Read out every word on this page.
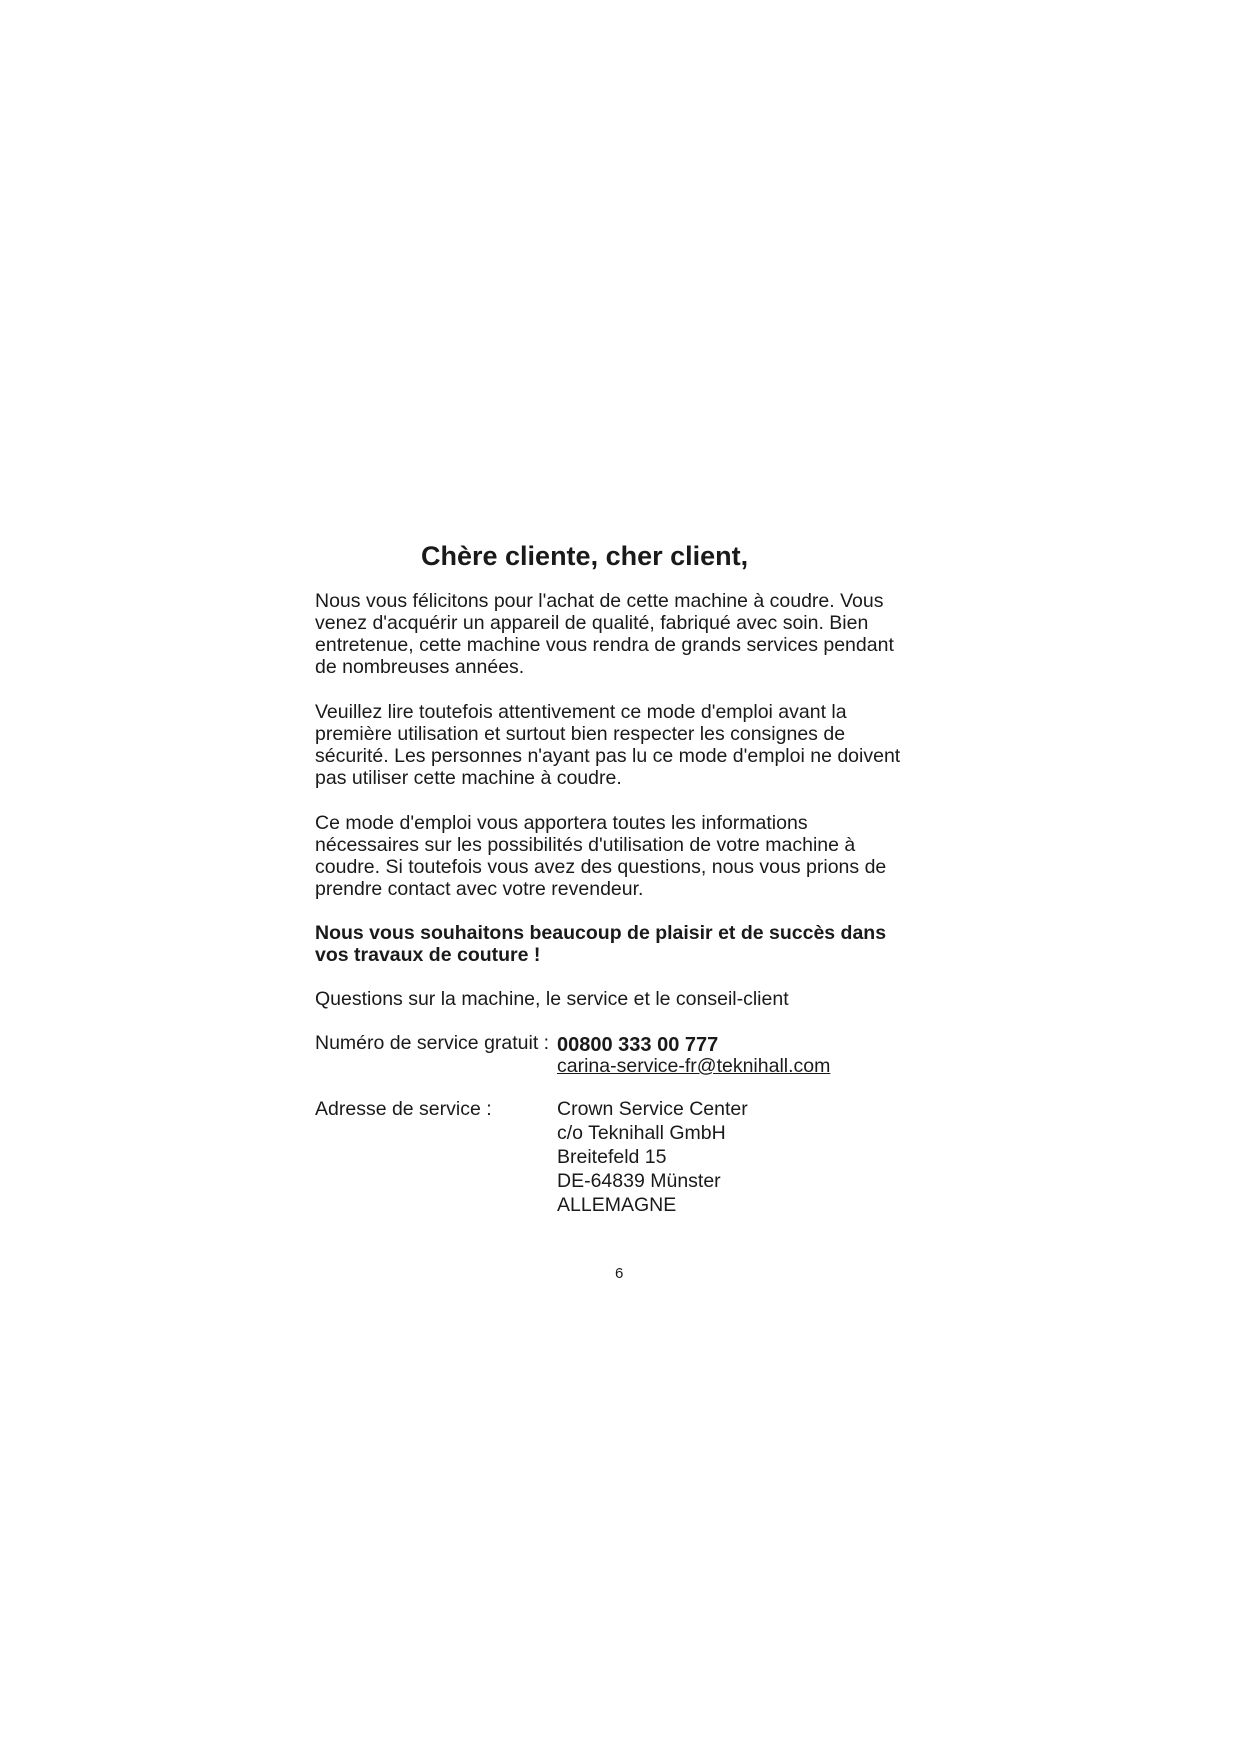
Chère cliente, cher client,

Nous vous félicitons pour l'achat de cette machine à coudre. Vous venez d'acquérir un appareil de qualité, fabriqué avec soin. Bien entretenue, cette machine vous rendra de grands services pendant de nombreuses années.

Veuillez lire toutefois attentivement ce mode d'emploi avant la première utilisation et surtout bien respecter les consignes de sécurité. Les personnes n'ayant pas lu ce mode d'emploi ne doivent pas utiliser cette machine à coudre.

Ce mode d'emploi vous apportera toutes les informations nécessaires sur les possibilités d'utilisation de votre machine à coudre. Si toutefois vous avez des questions, nous vous prions de prendre contact avec votre revendeur.

Nous vous souhaitons beaucoup de plaisir et de succès dans vos travaux de couture !

Questions sur la machine, le service et le conseil-client

Numéro de service gratuit : 00800 333 00 777
carina-service-fr@teknihall.com
Adresse de service :	Crown Service Center
c/o Teknihall GmbH
Breitefeld 15
DE-64839 Münster
ALLEMAGNE
6
